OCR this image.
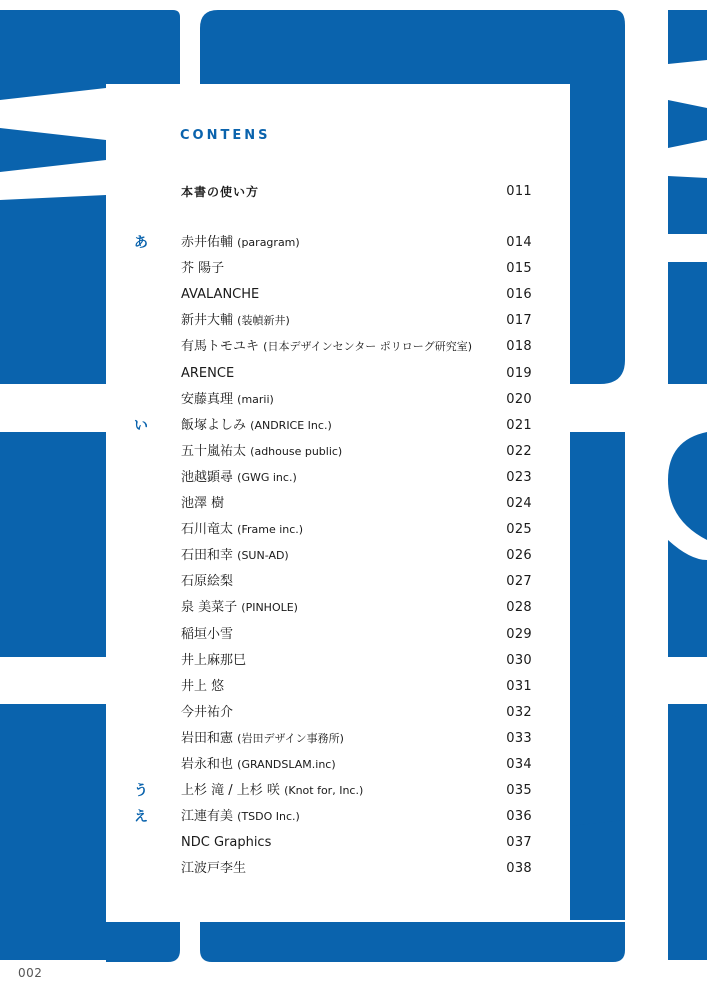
CONTENS
本書の使い方	011
あ	赤井佑輔 (paragram)	014
芥 陽子	015
AVALANCHE	016
新井大輔 (装幀新井)	017
有馬トモユキ (日本デザインセンター ポリローグ研究室)	018
ARENCE	019
安藤真理 (marii)	020
い	飯塚よしみ (ANDRICE Inc.)	021
五十嵐祐太 (adhouse public)	022
池越顕尋 (GWG inc.)	023
池澤 樹	024
石川竜太 (Frame inc.)	025
石田和幸 (SUN-AD)	026
石原絵梨	027
泉 美菜子 (PINHOLE)	028
稲垣小雪	029
井上麻那巳	030
井上 悠	031
今井祐介	032
岩田和憲 (岩田デザイン事務所)	033
岩永和也 (GRANDSLAM.inc)	034
う	上杉 滝 / 上杉 咲 (Knot for, Inc.)	035
え	江連有美 (TSDO Inc.)	036
NDC Graphics	037
江波戸李生	038
002
